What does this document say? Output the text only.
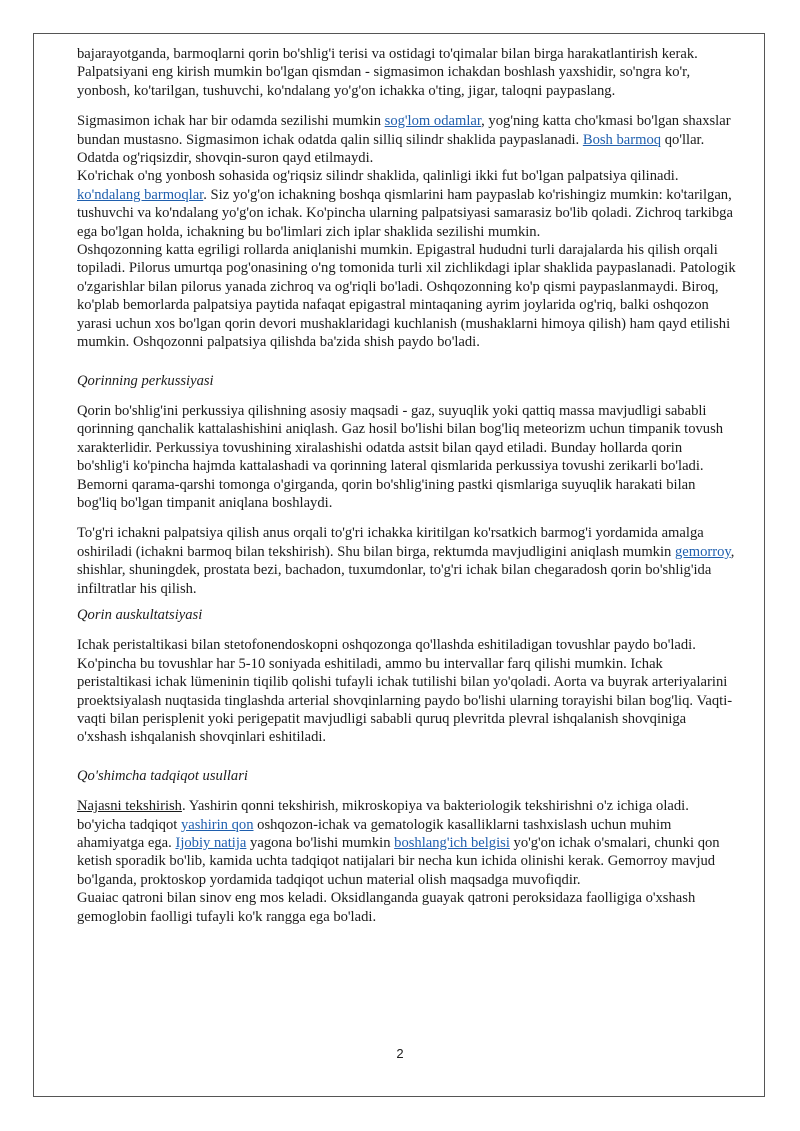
bajarayotganda, barmoqlarni qorin bo'shlig'i terisi va ostidagi to'qimalar bilan birga harakatlantirish kerak. Palpatsiyani eng kirish mumkin bo'lgan qismdan - sigmasimon ichakdan boshlash yaxshidir, so'ngra ko'r, yonbosh, ko'tarilgan, tushuvchi, ko'ndalang yo'g'on ichakka o'ting, jigar, taloqni paypaslang.

Sigmasimon ichak har bir odamda sezilishi mumkin sog'lom odamlar, yog'ning katta cho'kmasi bo'lgan shaxslar bundan mustasno. Sigmasimon ichak odatda qalin silliq silindr shaklida paypaslanadi. Bosh barmoq qo'llar. Odatda og'riqsizdir, shovqin-suron qayd etilmaydi.

Ko'richak o'ng yonbosh sohasida og'riqsiz silindr shaklida, qalinligi ikki fut bo'lgan palpatsiya qilinadi. ko'ndalang barmoqlar. Siz yo'g'on ichakning boshqa qismlarini ham paypaslab ko'rishingiz mumkin: ko'tarilgan, tushuvchi va ko'ndalang yo'g'on ichak. Ko'pincha ularning palpatsiyasi samarasiz bo'lib qoladi. Zichroq tarkibga ega bo'lgan holda, ichakning bu bo'limlari zich iplar shaklida sezilishi mumkin.

Oshqozonning katta egriligi rollarda aniqlanishi mumkin. Epigastral hududni turli darajalarda his qilish orqali topiladi. Pilorus umurtqa pog'onasining o'ng tomonida turli xil zichlikdagi iplar shaklida paypaslanadi. Patologik o'zgarishlar bilan pilorus yanada zichroq va og'riqli bo'ladi. Oshqozonning ko'p qismi paypaslanmaydi. Biroq, ko'plab bemorlarda palpatsiya paytida nafaqat epigastral mintaqaning ayrim joylarida og'riq, balki oshqozon yarasi uchun xos bo'lgan qorin devori mushaklaridagi kuchlanish (mushaklarni himoya qilish) ham qayd etilishi mumkin. Oshqozonni palpatsiya qilishda ba'zida shish paydo bo'ladi.

Qorinning perkussiyasi

Qorin bo'shlig'ini perkussiya qilishning asosiy maqsadi - gaz, suyuqlik yoki qattiq massa mavjudligi sababli qorinning qanchalik kattalashishini aniqlash. Gaz hosil bo'lishi bilan bog'liq meteorizm uchun timpanik tovush xarakterlidir. Perkussiya tovushining xiralashishi odatda astsit bilan qayd etiladi. Bunday hollarda qorin bo'shlig'i ko'pincha hajmda kattalashadi va qorinning lateral qismlarida perkussiya tovushi zerikarli bo'ladi. Bemorni qarama-qarshi tomonga o'girganda, qorin bo'shlig'ining pastki qismlariga suyuqlik harakati bilan bog'liq bo'lgan timpanit aniqlana boshlaydi.

To'g'ri ichakni palpatsiya qilish anus orqali to'g'ri ichakka kiritilgan ko'rsatkich barmog'i yordamida amalga oshiriladi (ichakni barmoq bilan tekshirish). Shu bilan birga, rektumda mavjudligini aniqlash mumkin gemorroy, shishlar, shuningdek, prostata bezi, bachadon, tuxumdonlar, to'g'ri ichak bilan chegaradosh qorin bo'shlig'ida infiltratlar his qilish.

Qorin auskultatsiyasi

Ichak peristaltikasi bilan stetofonendoskopni oshqozonga qo'llashda eshitiladigan tovushlar paydo bo'ladi. Ko'pincha bu tovushlar har 5-10 soniyada eshitiladi, ammo bu intervallar farq qilishi mumkin. Ichak peristaltikasi ichak lümeninin tiqilib qolishi tufayli ichak tutilishi bilan yo'qoladi. Aorta va buyrak arteriyalarini proektsiyalash nuqtasida tinglashda arterial shovqinlarning paydo bo'lishi ularning torayishi bilan bog'liq. Vaqti-vaqti bilan perisplenit yoki perigepatit mavjudligi sababli quruq plevritda plevral ishqalanish shovqiniga o'xshash ishqalanish shovqinlari eshitiladi.

Qo'shimcha tadqiqot usullari

Najasni tekshirish. Yashirin qonni tekshirish, mikroskopiya va bakteriologik tekshirishni o'z ichiga oladi.

bo'yicha tadqiqot yashirin qon oshqozon-ichak va gematologik kasalliklarni tashxislash uchun muhim ahamiyatga ega. Ijobiy natija yagona bo'lishi mumkin boshlang'ich belgisi yo'g'on ichak o'smalari, chunki qon ketish sporadik bo'lib, kamida uchta tadqiqot natijalari bir necha kun ichida olinishi kerak. Gemorroy mavjud bo'lganda, proktoskop yordamida tadqiqot uchun material olish maqsadga muvofiqdir.

Guaiac qatroni bilan sinov eng mos keladi. Oksidlanganda guayak qatroni peroksidaza faolligiga o'xshash gemoglobin faolligi tufayli ko'k rangga ega bo'ladi.

2
